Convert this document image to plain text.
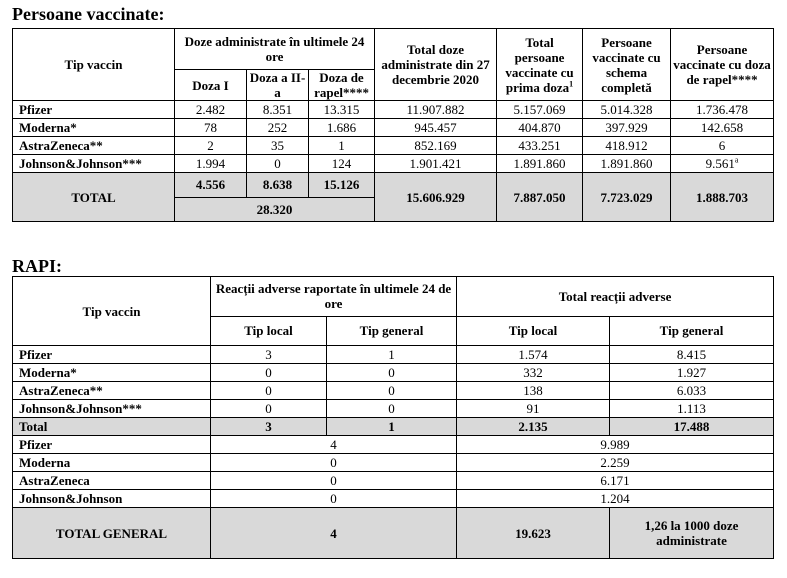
Persoane vaccinate:
Tip vaccin	Doze administrate în ultimele 24 ore			Total doze administrate din 27 decembrie 2020	Total persoane vaccinate cu prima doza$^1$	Persoane vaccinate cu schema completă	Persoane vaccinate cu doza de rapel****
	Doza I	Doza a II-a	Doza de rapel****				
Pfizer	2.482	8.351	13.315	11.907.882	5.157.069	5.014.328	1.736.478
Moderna*	78	252	1.686	945.457	404.870	397.929	142.658
AstraZeneca**	2	35	1	852.169	433.251	418.912	6
Johnson&Johnson***	1.994	0	124	1.901.421	1.891.860	1.891.860	9.561$^a$
TOTAL	4.556	8.638	15.126	15.606.929	7.887.050	7.723.029	1.888.703
	28.320						
RAPI:
Tip vaccin	Reacții adverse raportate în ultimele 24 de ore		Total reacții adverse	
	Tip local	Tip general	Tip local	Tip general
Pfizer	3	1	1.574	8.415
Moderna*	0	0	332	1.927
AstraZeneca**	0	0	138	6.033
Johnson&Johnson***	0	0	91	1.113
Total	3	1	2.135	17.488
Pfizer	4		9.989	
Moderna	0		2.259	
AstraZeneca	0		6.171	
Johnson&Johnson	0		1.204	
TOTAL GENERAL	4		19.623	1,26 la 1000 doze administrate
